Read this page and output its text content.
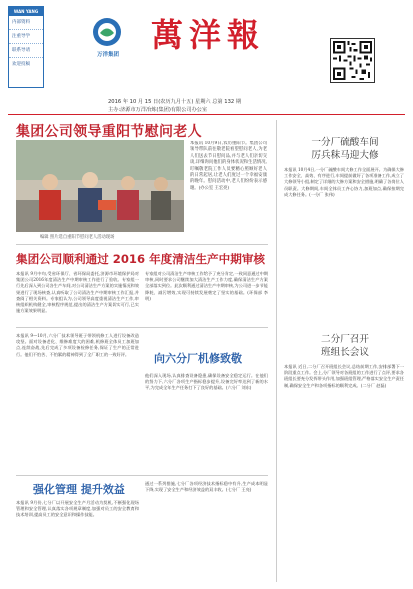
WAN YANG
内部资料
注重导学
联系导请
欢迎投稿
万洋集团
萬洋報
2016 年 10 月 15 日(农历九月十五) 星期六 总第 132 期
主办:济源市万洋冶炼(集团)有限公司办公室
集团公司领导重阳节慰问老人
编辑 照片选自重阳节慰问老人活动现场
本报讯 10月9日,农历重阳节。集团公司领导带队前往敬老院看望慰问老人,为老人们送去节日慰问品,并与老人们亲切交谈,详细询问他们的身体状况和生活情况,叮嘱敬老院工作人员要精心照顾好老人的日常起居,让老人们度过一个幸福安康的晚年。慰问活动中,老人们纷纷表示感谢。(办公室 王宏亮)
集团公司顺利通过 2016 年度清洁生产中期审核
本报讯 9月中旬,受省环保厅、省环保局委托,济源市环境保护局对集团公司2016年度清洁生产中期审核工作进行了验收。专家组一行先后深入到公司各生产车间,对公司清洁生产方案的实施情况和效果进行了现场核查,认真听取了公司清洁生产中期审核工作汇报,并查阅了相关资料。专家组认为,公司领导高度重视清洁生产工作,审核组织机构健全,审核程序规范,提出的清洁生产方案切实可行,已实施方案效果明显。
专家组对公司清洁生产审核工作给予了充分肯定,一致同意通过中期审核,同时要求公司继续加大清洁生产工作力度,确保清洁生产方案全部落实到位。此次顺利通过清洁生产中期审核,为公司进一步节能降耗、减污增效,实现可持续发展奠定了坚实的基础。(环保部 李明)
本报讯 9—10月,六分厂技术领导班子带领机修工人进行设备改造攻坚。面对设备老化、维修难度大的困难,机修班全体员工加班加点,连续奋战,先后完成了多项设备检修任务,保证了生产的正常进行。他们不怕苦、不怕累的精神得到了全厂职工的一致好评。	向六分厂机修致敬
他们深入现场,认真排查设备隐患,确保设备安全稳定运行。在他们的努力下,六分厂各项生产指标稳步提升,设备完好率达到了新的水平,为完成全年生产任务打下了良好的基础。(六分厂 刘东)
强化管理 提升效益
本报讯 9月份,七分厂以开展安全生产月活动为契机,不断强化现场管理和安全管理,认真落实各项规章制度,加强对员工的安全教育和技术培训,提高员工的安全意识和操作技能。
通过一系列措施,七分厂各项经济技术指标稳中有升,生产成本明显下降,实现了安全生产和经济效益的双丰收。(七分厂 王亮)
一分厂硫酸车间
厉兵秣马迎大修
本报讯 10月4日,一分厂硫酸车间大修工作全面展开。为确保大修工作安全、高效、有序进行,车间提前做好了各项准备工作,成立了大修领导小组,制定了详细的大修方案和安全措施,明确了各岗位人员职责。大修期间,车间全体员工齐心协力,加班加点,确保按期完成大修任务。(一分厂 张伟)
二分厂召开
班组长会议
本报讯 近日,二分厂召开班组长会议,总结前期工作,安排部署下一阶段重点工作。会上,分厂领导对各班组的工作进行了点评,要求各班组长要充分发挥带头作用,加强班组管理,严格落实安全生产责任制,确保安全生产和各项指标的顺利完成。(二分厂 赵磊)
